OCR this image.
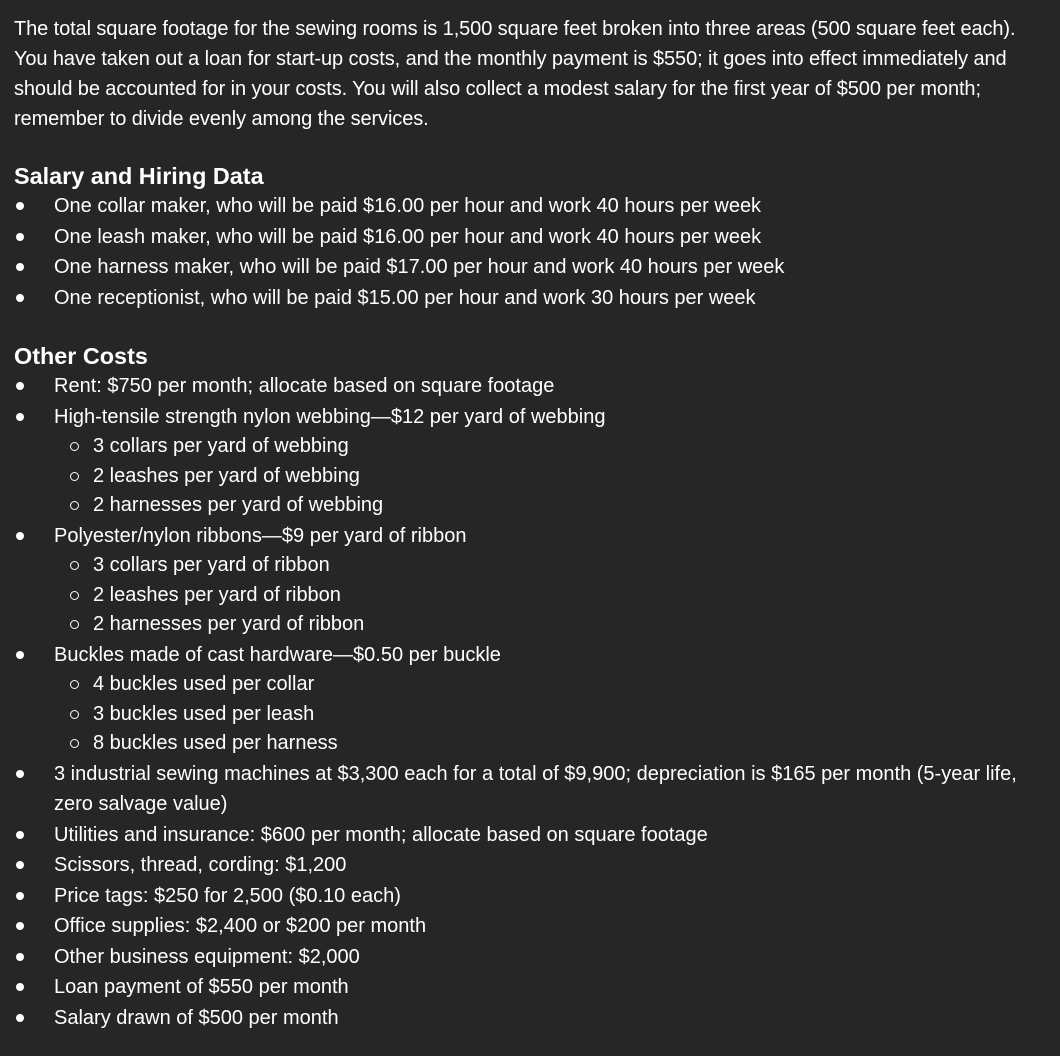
The total square footage for the sewing rooms is 1,500 square feet broken into three areas (500 square feet each). You have taken out a loan for start-up costs, and the monthly payment is $550; it goes into effect immediately and should be accounted for in your costs. You will also collect a modest salary for the first year of $500 per month; remember to divide evenly among the services.

Salary and Hiring Data
One collar maker, who will be paid $16.00 per hour and work 40 hours per week
One leash maker, who will be paid $16.00 per hour and work 40 hours per week
One harness maker, who will be paid $17.00 per hour and work 40 hours per week
One receptionist, who will be paid $15.00 per hour and work 30 hours per week
Other Costs
Rent: $750 per month; allocate based on square footage
High-tensile strength nylon webbing—$12 per yard of webbing
3 collars per yard of webbing
2 leashes per yard of webbing
2 harnesses per yard of webbing
Polyester/nylon ribbons—$9 per yard of ribbon
3 collars per yard of ribbon
2 leashes per yard of ribbon
2 harnesses per yard of ribbon
Buckles made of cast hardware—$0.50 per buckle
4 buckles used per collar
3 buckles used per leash
8 buckles used per harness
3 industrial sewing machines at $3,300 each for a total of $9,900; depreciation is $165 per month (5-year life, zero salvage value)
Utilities and insurance: $600 per month; allocate based on square footage
Scissors, thread, cording: $1,200
Price tags: $250 for 2,500 ($0.10 each)
Office supplies: $2,400 or $200 per month
Other business equipment: $2,000
Loan payment of $550 per month
Salary drawn of $500 per month
